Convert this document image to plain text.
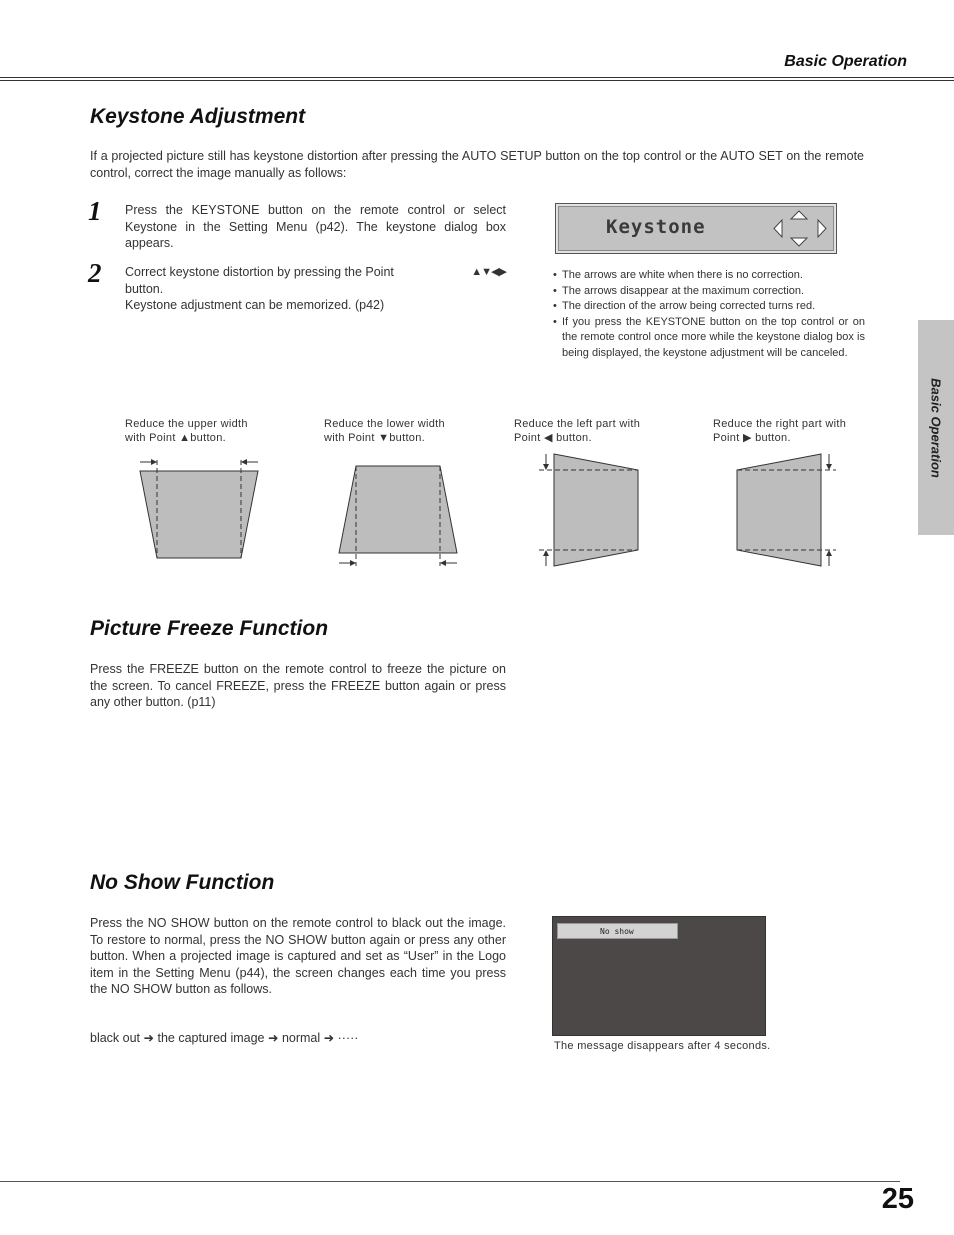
Basic Operation
Basic Operation
Keystone Adjustment
If a projected picture still has keystone distortion after pressing the AUTO SETUP button on the top control or the AUTO SET on the remote control, correct the image manually as follows:
1 Press the KEYSTONE button on the remote control or select Keystone in the Setting Menu (p42). The keystone dialog box appears.
2 Correct keystone distortion by pressing the Point	▲▼◀▶
button.
Keystone adjustment can be memorized. (p42)
Keystone
• The arrows are white when there is no correction.
• The arrows disappear at the maximum correction.
• The direction of the arrow being corrected turns red.
• If you press the KEYSTONE button on the top control or on the remote control once more while the keystone dialog box is being displayed, the keystone adjustment will be canceled.
Reduce the upper width
with Point ▲button.
Reduce the lower width
with Point ▼button.
Reduce the left part with
Point ◀ button.
Reduce the right part with
Point ▶ button.
Picture Freeze Function
Press the FREEZE button on the remote control to freeze the picture on the screen. To cancel FREEZE, press the FREEZE button again or press any other button. (p11)
No Show Function
Press the NO SHOW button on the remote control to black out the image. To restore to normal, press the NO SHOW button again or press any other button. When a projected image is captured and set as “User” in the Logo item in the Setting Menu (p44), the screen changes each time you press the NO SHOW button as follows.
black out ➜ the captured image ➜ normal ➜ ·····
No show
The message disappears after 4 seconds.
25
